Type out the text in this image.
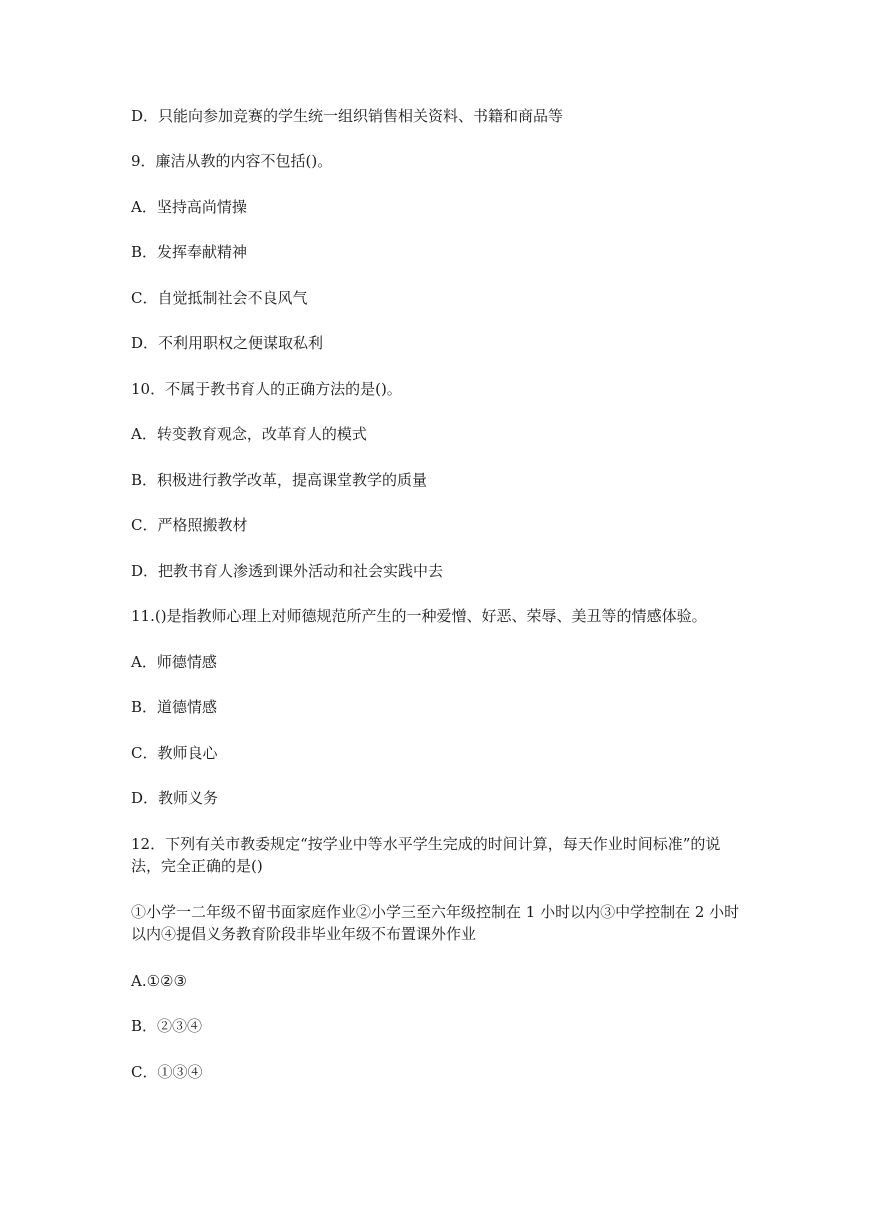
D．只能向参加竞赛的学生统一组织销售相关资料、书籍和商品等
9．廉洁从教的内容不包括()。
A．坚持高尚情操
B．发挥奉献精神
C．自觉抵制社会不良风气
D．不利用职权之便谋取私利
10．不属于教书育人的正确方法的是()。
A．转变教育观念，改革育人的模式
B．积极进行教学改革，提高课堂教学的质量
C．严格照搬教材
D．把教书育人渗透到课外活动和社会实践中去
11.()是指教师心理上对师德规范所产生的一种爱憎、好恶、荣辱、美丑等的情感体验。
A．师德情感
B．道德情感
C．教师良心
D．教师义务
12．下列有关市教委规定“按学业中等水平学生完成的时间计算，每天作业时间标准”的说法，完全正确的是()
①小学一二年级不留书面家庭作业②小学三至六年级控制在 1 小时以内③中学控制在 2 小时以内④提倡义务教育阶段非毕业年级不布置课外作业
A.①②③
B．②③④
C．①③④
